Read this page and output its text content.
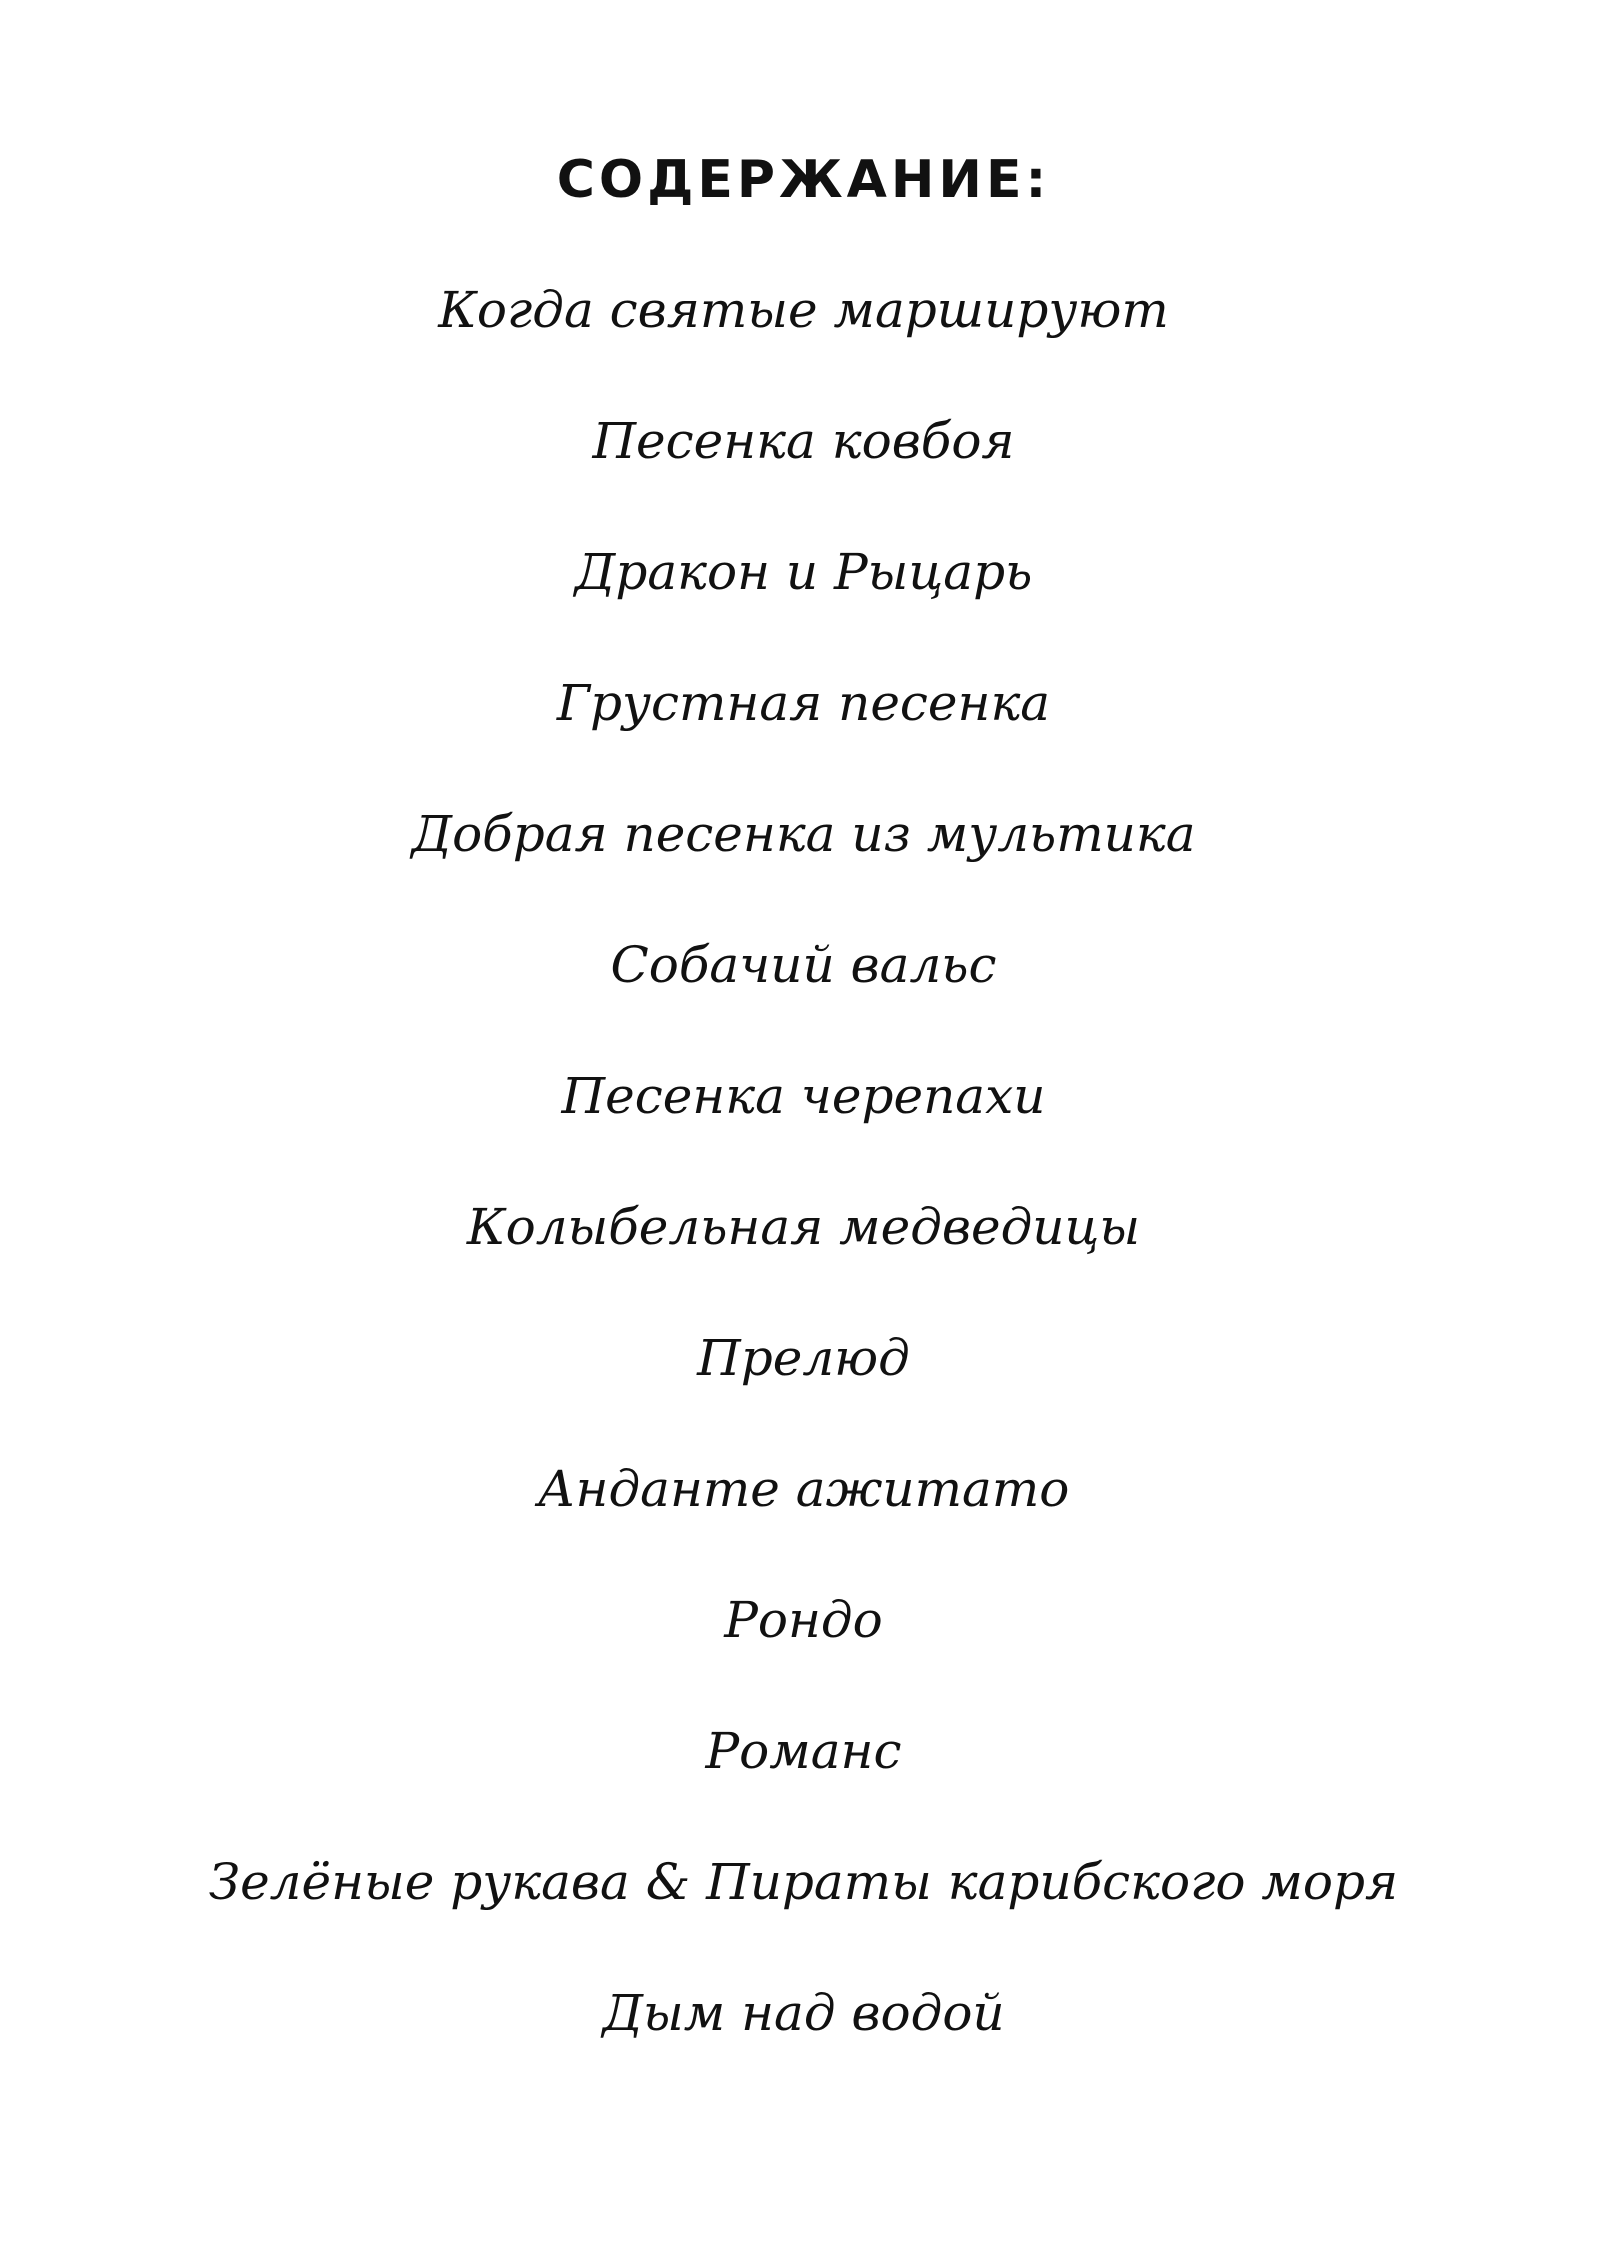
СОДЕРЖАНИЕ:
Когда святые маршируют
Песенка ковбоя
Дракон и Рыцарь
Грустная песенка
Добрая песенка из мультика
Собачий вальс
Песенка черепахи
Колыбельная медведицы
Прелюд
Анданте ажитато
Рондо
Романс
Зелёные рукава & Пираты карибского моря
Дым над водой
